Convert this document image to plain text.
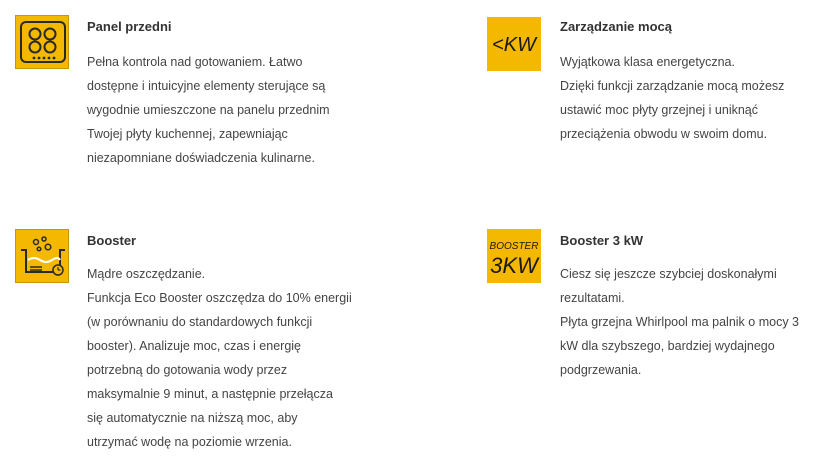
Panel przedni
Pełna kontrola nad gotowaniem. Łatwo
dostępne i intuicyjne elementy sterujące są
wygodnie umieszczone na panelu przednim
Twojej płyty kuchennej, zapewniając
niezapomniane doświadczenia kulinarne.
<KW
Zarządzanie mocą
Wyjątkowa klasa energetyczna.
Dzięki funkcji zarządzanie mocą możesz
ustawić moc płyty grzejnej i uniknąć
przeciążenia obwodu w swoim domu.
Booster
Mądre oszczędzanie.
Funkcja Eco Booster oszczędza do 10% energii
(w porównaniu do standardowych funkcji
booster). Analizuje moc, czas i energię
potrzebną do gotowania wody przez
maksymalnie 9 minut, a następnie przełącza
się automatycznie na niższą moc, aby
utrzymać wodę na poziomie wrzenia.
BOOSTER
3KW
Booster 3 kW
Ciesz się jeszcze szybciej doskonałymi
rezultatami.
Płyta grzejna Whirlpool ma palnik o mocy 3
kW dla szybszego, bardziej wydajnego
podgrzewania.
